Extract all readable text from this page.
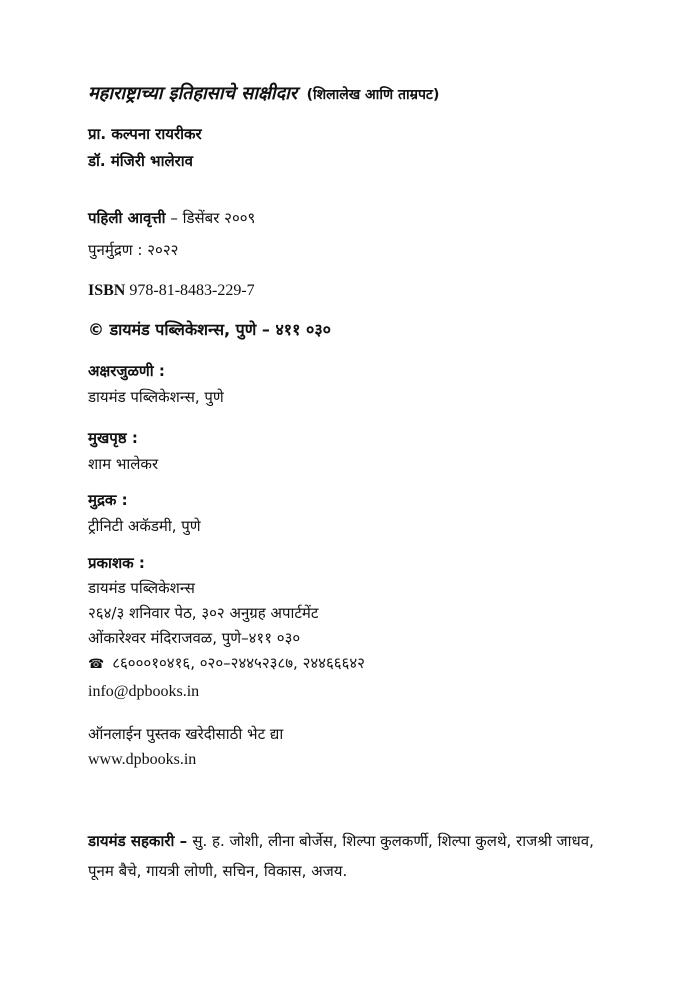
महाराष्ट्राच्या इतिहासाचे साक्षीदार (शिलालेख आणि ताम्रपट)
प्रा. कल्पना रायरीकर
डॉ. मंजिरी भालेराव
पहिली आवृत्ती – डिसेंबर २००९
पुनर्मुद्रण : २०२२
ISBN 978-81-8483-229-7
© डायमंड पब्लिकेशन्स, पुणे – ४११ ०३०
अक्षरजुळणी :
डायमंड पब्लिकेशन्स, पुणे
मुखपृष्ठ :
शाम भालेकर
मुद्रक :
ट्रीनिटी अकॅडमी, पुणे
प्रकाशक :
डायमंड पब्लिकेशन्स
२६४/३ शनिवार पेठ, ३०२ अनुग्रह अपार्टमेंट
ओंकारेश्वर मंदिराजवळ, पुणे–४११ ०३०
☎ ८६०००१०४१६, ०२०–२४४५२३८७, २४४६६६४२
info@dpbooks.in
ऑनलाईन पुस्तक खरेदीसाठी भेट द्या
www.dpbooks.in
डायमंड सहकारी – सु. ह. जोशी, लीना बोर्जेस, शिल्पा कुलकर्णी, शिल्पा कुलथे, राजश्री जाधव, पूनम बैचे, गायत्री लोणी, सचिन, विकास, अजय.
